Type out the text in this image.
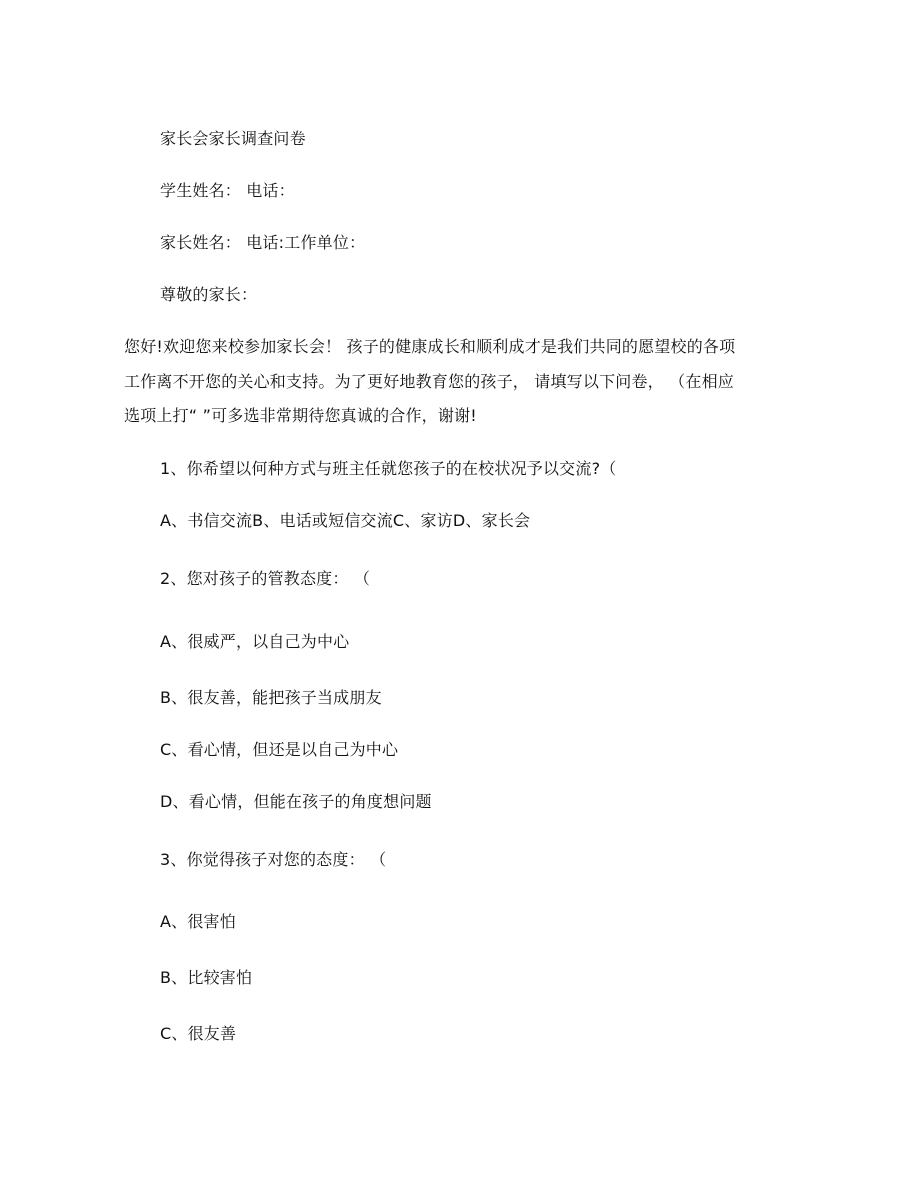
家长会家长调查问卷
学生姓名： 电话：
家长姓名： 电话:工作单位：
尊敬的家长：
您好!欢迎您来校参加家长会！ 孩子的健康成长和顺利成才是我们共同的愿望校的各项
工作离不开您的关心和支持。为了更好地教育您的孩子， 请填写以下问卷， （在相应
选项上打“ ”可多选非常期待您真诚的合作，谢谢!
1、你希望以何种方式与班主任就您孩子的在校状况予以交流?（
A、书信交流B、电话或短信交流C、家访D、家长会
2、您对孩子的管教态度： （
A、很威严，以自己为中心
B、很友善，能把孩子当成朋友
C、看心情，但还是以自己为中心
D、看心情，但能在孩子的角度想问题
3、你觉得孩子对您的态度： （
A、很害怕
B、比较害怕
C、很友善
